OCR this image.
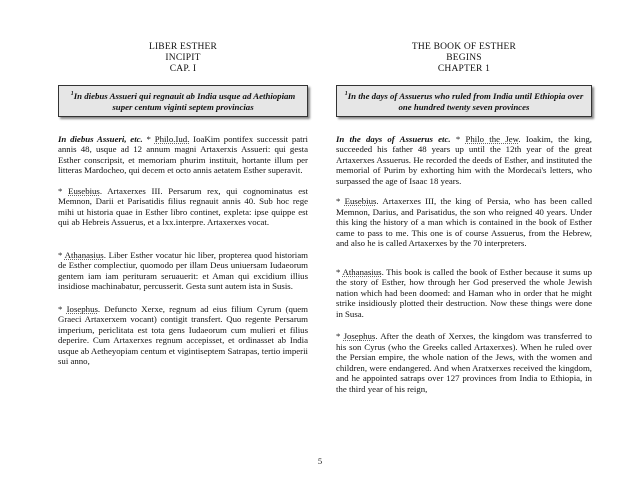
LIBER ESTHER
INCIPIT
CAP. I
$^1$In diebus Assueri qui regnauit ab India usque ad Aethiopiam super centum viginti septem provincias

In diebus Assueri, etc. * Philo.Iud. IoaKim pontifex successit patri annis 48, usque ad 12 annum magni Artaxerxis Assueri: qui gesta Esther conscripsit, et memoriam phurim instituit, hortante illum per litteras Mardocheo, qui decem et octo annis aetatem Esther superavit.

* Eusebius. Artaxerxes III. Persarum rex, qui cognominatus est Memnon, Darii et Parisatidis filius regnauit annis 40. Sub hoc rege mihi ut historia quae in Esther libro continet, expleta: ipse quippe est qui ab Hebreis Assuerus, et a lxx.interpre. Artaxerxes vocat.

* Athanasius. Liber Esther vocatur hic liber, propterea quod historiam de Esther complectiur, quomodo per illam Deus uniuersam Iudaeorum gentem iam iam perituram seruauerit: et Aman qui excidium illius insidiose machinabatur, percusserit. Gesta sunt autem ista in Susis.

* Iosephus. Defuncto Xerxe, regnum ad eius filium Cyrum (quem Graeci Artaxerxem vocant) contigit transfert. Quo regente Persarum imperium, periclitata est tota gens Iudaeorum cum mulieri et filius deperire. Cum Artaxerxes regnum accepisset, et ordinasset ab India usque ab Aetheyopiam centum et vigintiseptem Satrapas, tertio imperii sui anno,

THE BOOK OF ESTHER
BEGINS
CHAPTER 1
$^1$In the days of Assuerus who ruled from India until Ethiopia over one hundred twenty seven provinces

In the days of Assuerus etc. * Philo the Jew. Ioakim, the king, succeeded his father 48 years up until the 12th year of the great Artaxerxes Assuerus. He recorded the deeds of Esther, and instituted the memorial of Purim by exhorting him with the Mordecai's letters, who surpassed the age of Isaac 18 years.

* Eusebius. Artaxerxes III, the king of Persia, who has been called Memnon, Darius, and Parisatidus, the son who reigned 40 years. Under this king the history of a man which is contained in the book of Esther came to pass to me. This one is of course Assuerus, from the Hebrew, and also he is called Artaxerxes by the 70 interpreters.

* Athanasius. This book is called the book of Esther because it sums up the story of Esther, how through her God preserved the whole Jewish nation which had been doomed: and Haman who in order that he might strike insidiously plotted their destruction. Now these things were done in Susa.

* Josephus. After the death of Xerxes, the kingdom was transferred to his son Cyrus (who the Greeks called Artaxerxes). When he ruled over the Persian empire, the whole nation of the Jews, with the women and children, were endangered. And when Aratxerxes received the kingdom, and he appointed satraps over 127 provinces from India to Ethiopia, in the third year of his reign,

5
